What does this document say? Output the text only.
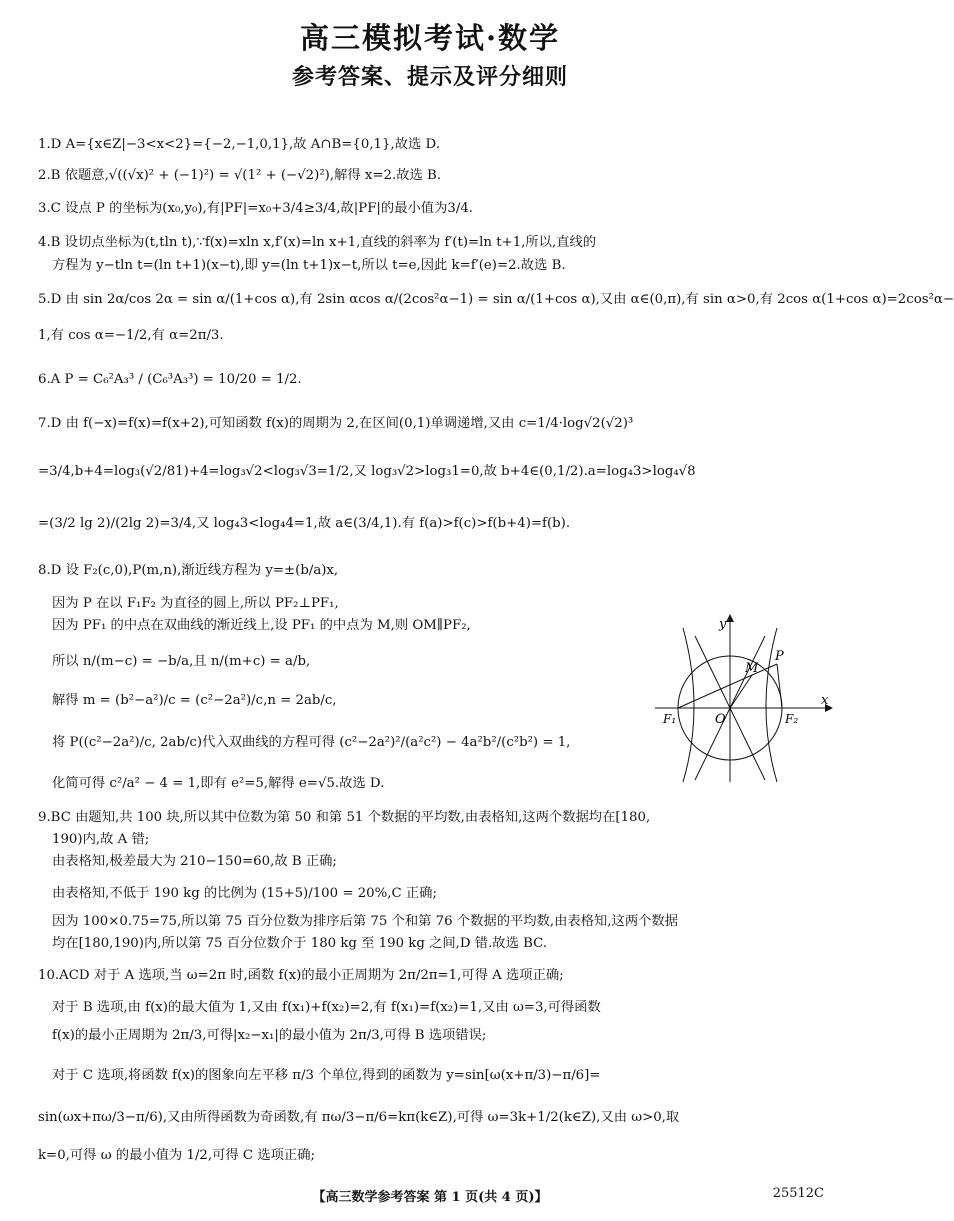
高三模拟考试·数学
参考答案、提示及评分细则
1.D A={x∈Z|−3<x<2}={−2,−1,0,1},故 A∩B={0,1},故选 D.
2.B 依题意,√((√x)² + (−1)²) = √(1² + (−√2)²),解得 x=2.故选 B.
3.C 设点 P 的坐标为(x₀,y₀),有|PF|=x₀+3/4≥3/4,故|PF|的最小值为3/4.
4.B 设切点坐标为(t,tln t),∵f(x)=xln x,f′(x)=ln x+1,直线的斜率为 f′(t)=ln t+1,所以,直线的
方程为 y−tln t=(ln t+1)(x−t),即 y=(ln t+1)x−t,所以 t=e,因此 k=f′(e)=2.故选 B.
5.D 由 sin 2α/cos 2α = sin α/(1+cos α),有 2sin αcos α/(2cos²α−1) = sin α/(1+cos α),又由 α∈(0,π),有 sin α>0,有 2cos α(1+cos α)=2cos²α−
1,有 cos α=−1/2,有 α=2π/3.
6.A P = C₆²A₃³ / (C₆³A₃³) = 10/20 = 1/2.
7.D 由 f(−x)=f(x)=f(x+2),可知函数 f(x)的周期为 2,在区间(0,1)单调递增,又由 c=1/4·log√2(√2)³
=3/4,b+4=log₃(√2/81)+4=log₃√2<log₃√3=1/2,又 log₃√2>log₃1=0,故 b+4∈(0,1/2).a=log₄3>log₄√8
=(3/2 lg 2)/(2lg 2)=3/4,又 log₄3<log₄4=1,故 a∈(3/4,1).有 f(a)>f(c)>f(b+4)=f(b).
8.D 设 F₂(c,0),P(m,n),渐近线方程为 y=±(b/a)x,
因为 P 在以 F₁F₂ 为直径的圆上,所以 PF₂⊥PF₁,
因为 PF₁ 的中点在双曲线的渐近线上,设 PF₁ 的中点为 M,则 OM∥PF₂,
所以 n/(m−c) = −b/a,且 n/(m+c) = a/b,
解得 m = (b²−a²)/c = (c²−2a²)/c,n = 2ab/c,
将 P((c²−2a²)/c, 2ab/c)代入双曲线的方程可得 (c²−2a²)²/(a²c²) − 4a²b²/(c²b²) = 1,
化简可得 c²/a² − 4 = 1,即有 e²=5,解得 e=√5.故选 D.
9.BC 由题知,共 100 块,所以其中位数为第 50 和第 51 个数据的平均数,由表格知,这两个数据均在[180,
190)内,故 A 错;
由表格知,极差最大为 210−150=60,故 B 正确;
由表格知,不低于 190 kg 的比例为 (15+5)/100 = 20%,C 正确;
因为 100×0.75=75,所以第 75 百分位数为排序后第 75 个和第 76 个数据的平均数,由表格知,这两个数据
均在[180,190)内,所以第 75 百分位数介于 180 kg 至 190 kg 之间,D 错.故选 BC.
10.ACD 对于 A 选项,当 ω=2π 时,函数 f(x)的最小正周期为 2π/2π=1,可得 A 选项正确;
对于 B 选项,由 f(x)的最大值为 1,又由 f(x₁)+f(x₂)=2,有 f(x₁)=f(x₂)=1,又由 ω=3,可得函数
f(x)的最小正周期为 2π/3,可得|x₂−x₁|的最小值为 2π/3,可得 B 选项错误;
对于 C 选项,将函数 f(x)的图象向左平移 π/3 个单位,得到的函数为 y=sin[ω(x+π/3)−π/6]=
sin(ωx+πω/3−π/6),又由所得函数为奇函数,有 πω/3−π/6=kπ(k∈Z),可得 ω=3k+1/2(k∈Z),又由 ω>0,取
k=0,可得 ω 的最小值为 1/2,可得 C 选项正确;
y
x
P
M
O
F₁	F₂
【高三数学参考答案 第 1 页(共 4 页)】	25512C
